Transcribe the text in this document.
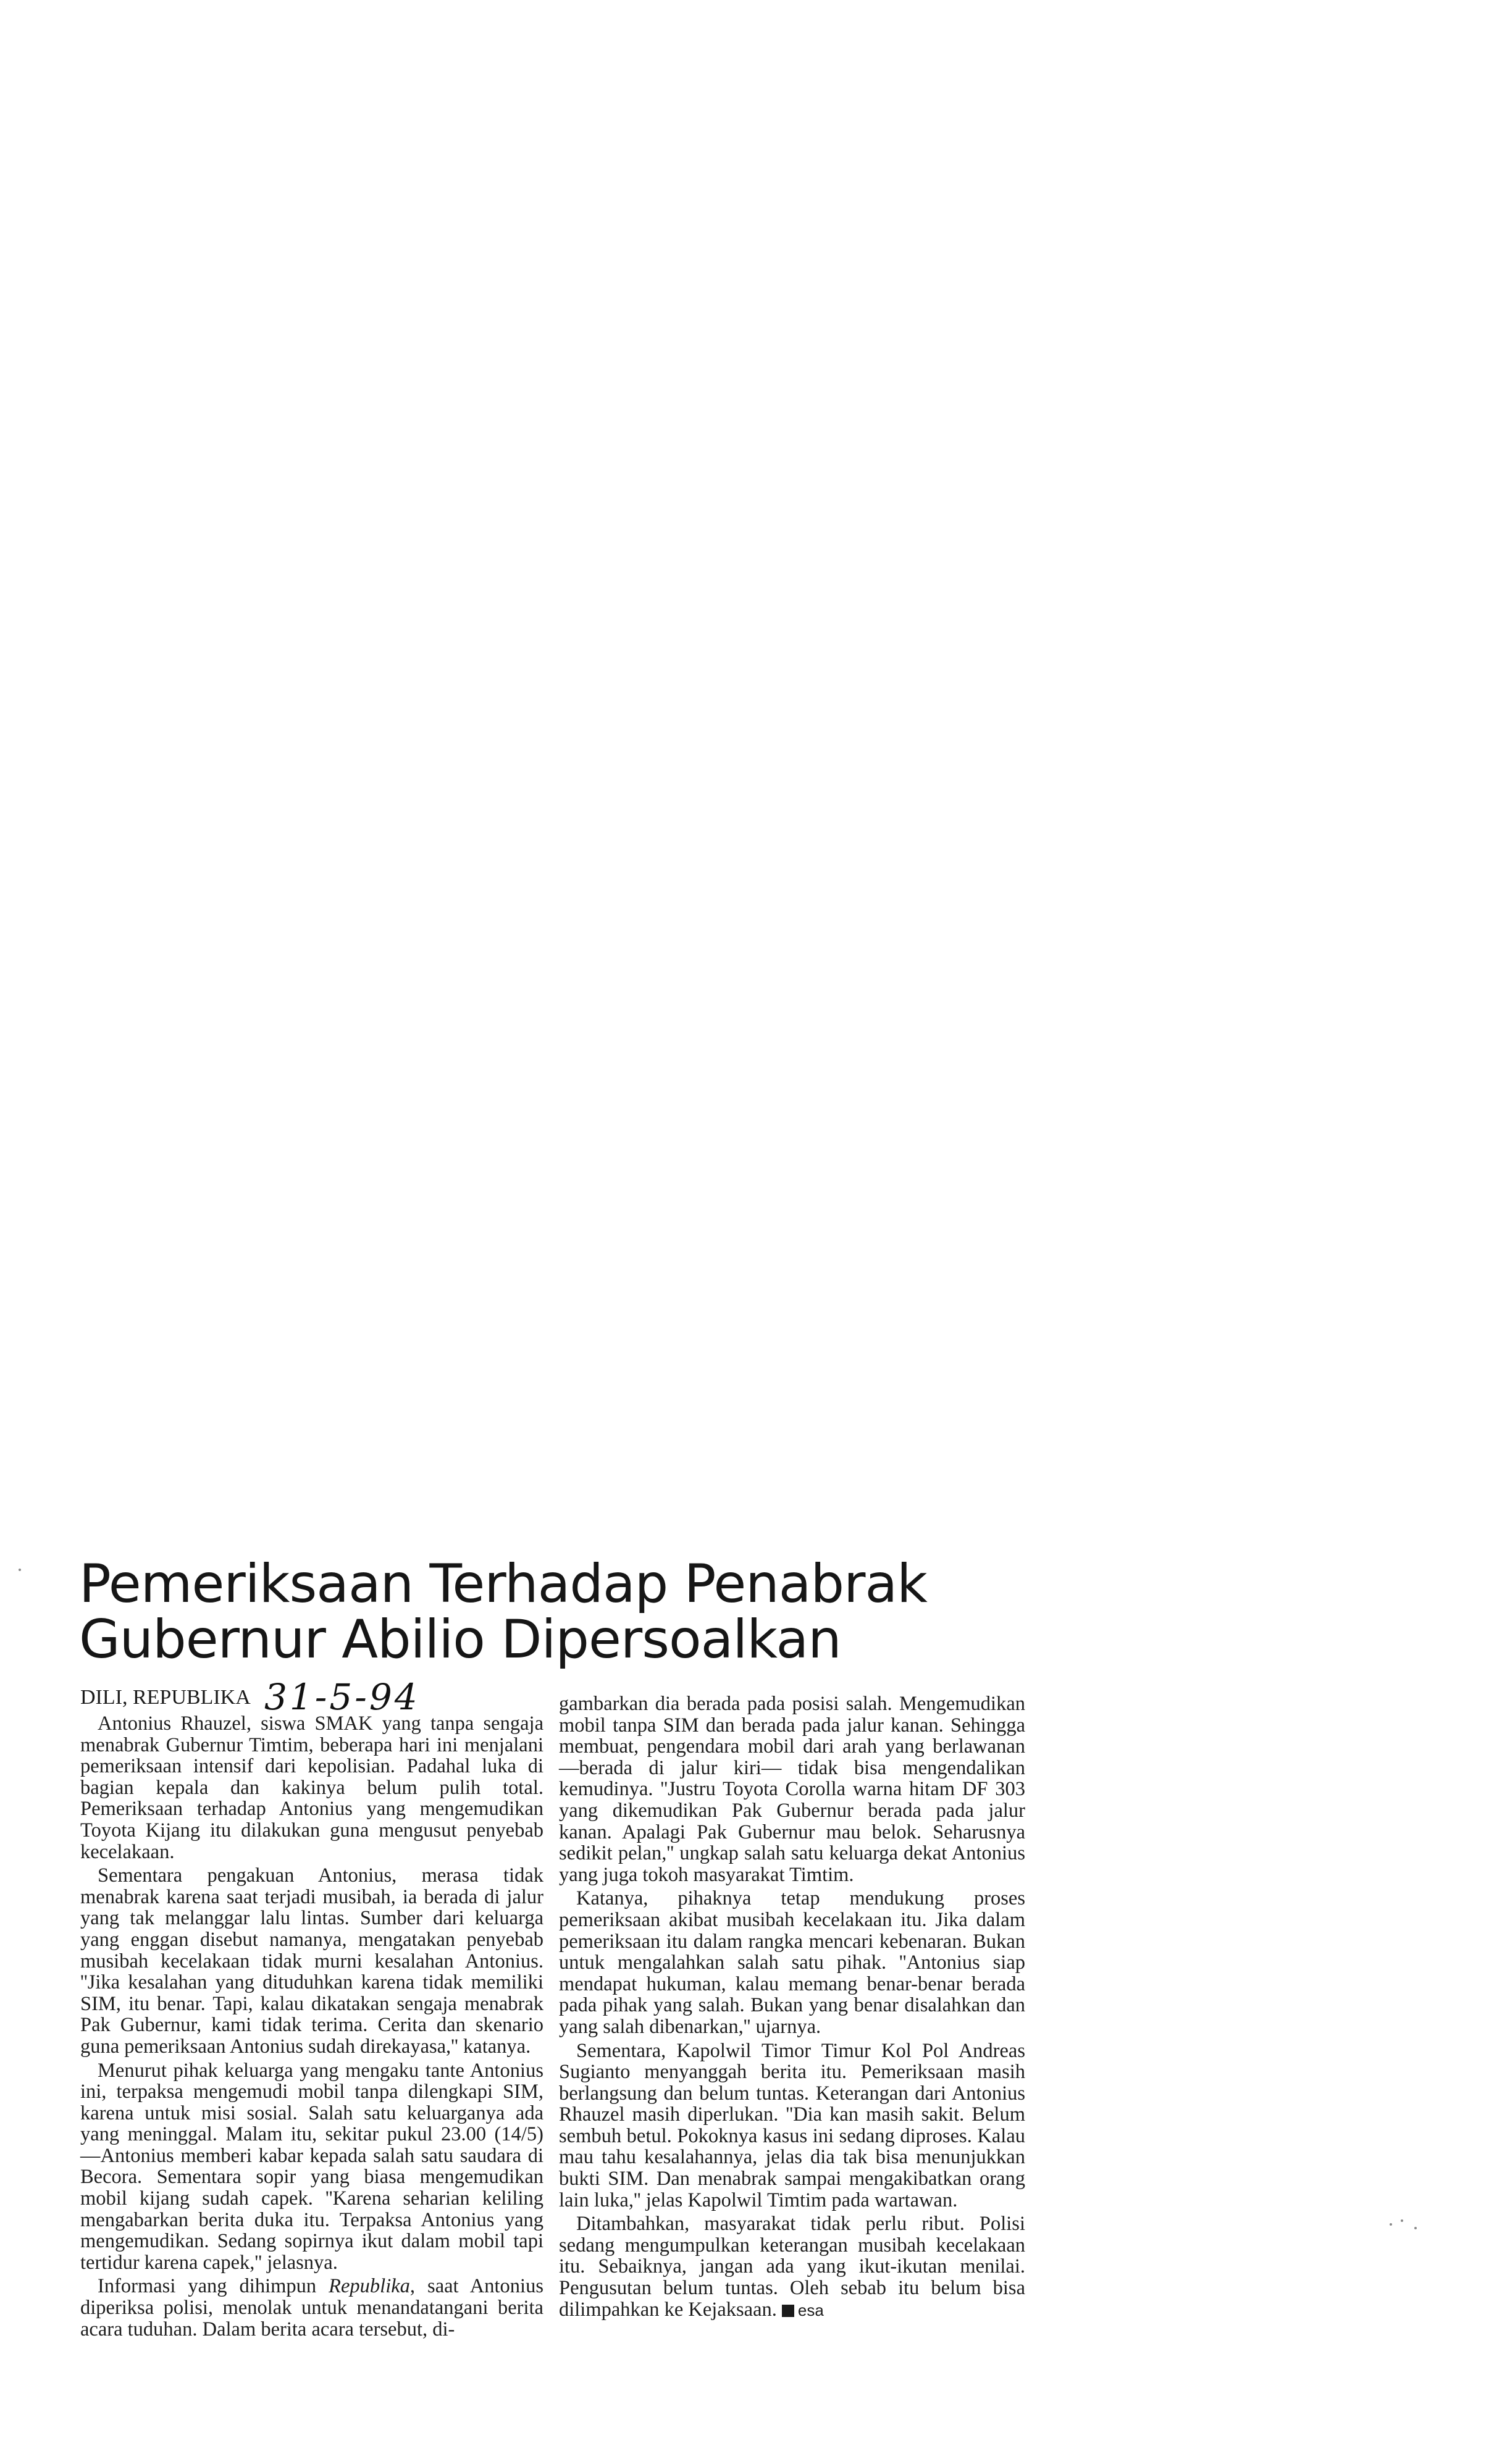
Pemeriksaan Terhadap Penabrak
Gubernur Abilio Dipersoalkan
DILI, REPUBLIKA 31-5-94

Antonius Rhauzel, siswa SMAK yang tanpa sengaja menabrak Gubernur Timtim, beberapa hari ini menjalani pemeriksaan intensif dari kepolisian. Padahal luka di bagian kepala dan kakinya belum pulih total. Pemeriksaan terhadap Antonius yang mengemudikan Toyota Kijang itu dilakukan guna mengusut penyebab kecelakaan.

Sementara pengakuan Antonius, merasa tidak menabrak karena saat terjadi musibah, ia berada di jalur yang tak melanggar lalu lintas. Sumber dari keluarga yang enggan disebut namanya, mengatakan penyebab musibah kecelakaan tidak murni kesalahan Antonius. ''Jika kesalahan yang dituduhkan karena tidak memiliki SIM, itu benar. Tapi, kalau dikatakan sengaja menabrak Pak Gubernur, kami tidak terima. Cerita dan skenario guna pemeriksaan Antonius sudah direkayasa,'' katanya.

Menurut pihak keluarga yang mengaku tante Antonius ini, terpaksa mengemudi mobil tanpa dilengkapi SIM, karena untuk misi sosial. Salah satu keluarganya ada yang meninggal. Malam itu, sekitar pukul 23.00 (14/5) —Antonius memberi kabar kepada salah satu saudara di Becora. Sementara sopir yang biasa mengemudikan mobil kijang sudah capek. ''Karena seharian keliling mengabarkan berita duka itu. Terpaksa Antonius yang mengemudikan. Sedang sopirnya ikut dalam mobil tapi tertidur karena capek,'' jelasnya.

Informasi yang dihimpun Republika, saat Antonius diperiksa polisi, menolak untuk menandatangani berita acara tuduhan. Dalam berita acara tersebut, di-

gambarkan dia berada pada posisi salah. Mengemudikan mobil tanpa SIM dan berada pada jalur kanan. Sehingga membuat, pengendara mobil dari arah yang berlawanan —berada di jalur kiri— tidak bisa mengendalikan kemudinya. ''Justru Toyota Corolla warna hitam DF 303 yang dikemudikan Pak Gubernur berada pada jalur kanan. Apalagi Pak Gubernur mau belok. Seharusnya sedikit pelan,'' ungkap salah satu keluarga dekat Antonius yang juga tokoh masyarakat Timtim.

Katanya, pihaknya tetap mendukung proses pemeriksaan akibat musibah kecelakaan itu. Jika dalam pemeriksaan itu dalam rangka mencari kebenaran. Bukan untuk mengalahkan salah satu pihak. ''Antonius siap mendapat hukuman, kalau memang benar-benar berada pada pihak yang salah. Bukan yang benar disalahkan dan yang salah dibenarkan,'' ujarnya.

Sementara, Kapolwil Timor Timur Kol Pol Andreas Sugianto menyanggah berita itu. Pemeriksaan masih berlangsung dan belum tuntas. Keterangan dari Antonius Rhauzel masih diperlukan. ''Dia kan masih sakit. Belum sembuh betul. Pokoknya kasus ini sedang diproses. Kalau mau tahu kesalahannya, jelas dia tak bisa menunjukkan bukti SIM. Dan menabrak sampai mengakibatkan orang lain luka,'' jelas Kapolwil Timtim pada wartawan.

Ditambahkan, masyarakat tidak perlu ribut. Polisi sedang mengumpulkan keterangan musibah kecelakaan itu. Sebaiknya, jangan ada yang ikut-ikutan menilai. Pengusutan belum tuntas. Oleh sebab itu belum bisa dilimpahkan ke Kejaksaan. esa
